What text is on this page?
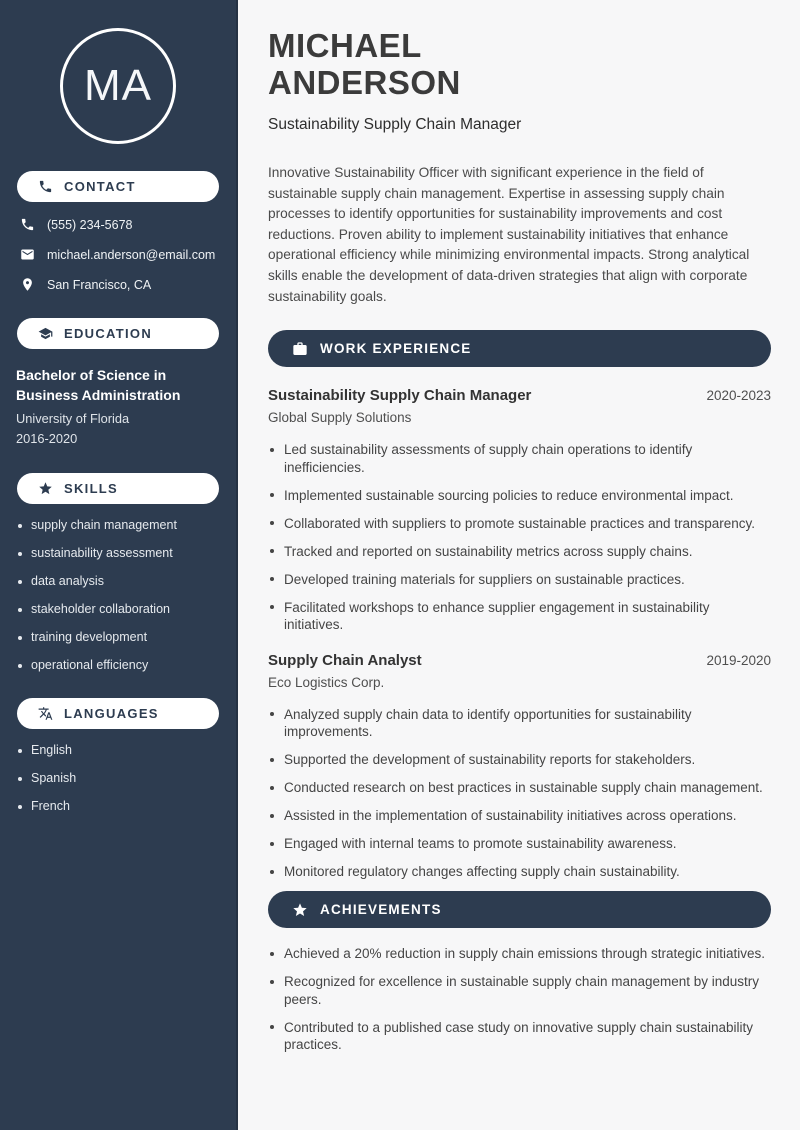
MA
CONTACT
(555) 234-5678
michael.anderson@email.com
San Francisco, CA
EDUCATION
Bachelor of Science in Business Administration
University of Florida
2016-2020
SKILLS
supply chain management
sustainability assessment
data analysis
stakeholder collaboration
training development
operational efficiency
LANGUAGES
English
Spanish
French
MICHAEL
ANDERSON
Sustainability Supply Chain Manager

Innovative Sustainability Officer with significant experience in the field of sustainable supply chain management. Expertise in assessing supply chain processes to identify opportunities for sustainability improvements and cost reductions. Proven ability to implement sustainability initiatives that enhance operational efficiency while minimizing environmental impacts. Strong analytical skills enable the development of data-driven strategies that align with corporate sustainability goals.

WORK EXPERIENCE
Sustainability Supply Chain Manager	2020-2023
Global Supply Solutions
Led sustainability assessments of supply chain operations to identify inefficiencies.
Implemented sustainable sourcing policies to reduce environmental impact.
Collaborated with suppliers to promote sustainable practices and transparency.
Tracked and reported on sustainability metrics across supply chains.
Developed training materials for suppliers on sustainable practices.
Facilitated workshops to enhance supplier engagement in sustainability initiatives.
Supply Chain Analyst	2019-2020
Eco Logistics Corp.
Analyzed supply chain data to identify opportunities for sustainability improvements.
Supported the development of sustainability reports for stakeholders.
Conducted research on best practices in sustainable supply chain management.
Assisted in the implementation of sustainability initiatives across operations.
Engaged with internal teams to promote sustainability awareness.
Monitored regulatory changes affecting supply chain sustainability.
ACHIEVEMENTS
Achieved a 20% reduction in supply chain emissions through strategic initiatives.
Recognized for excellence in sustainable supply chain management by industry peers.
Contributed to a published case study on innovative supply chain sustainability practices.
